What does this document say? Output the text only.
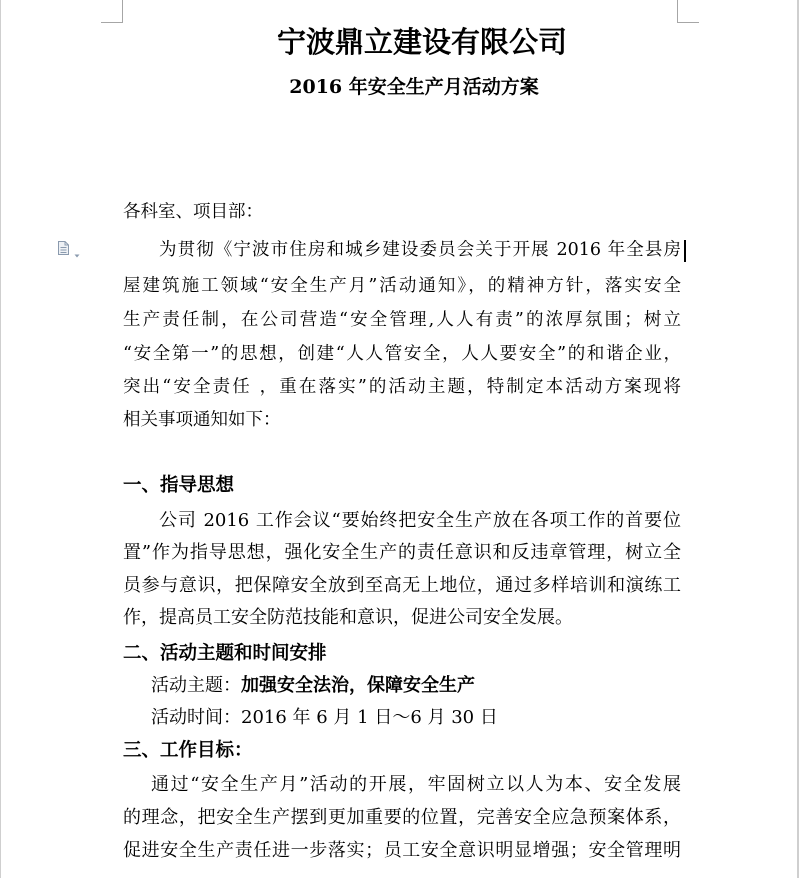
宁波鼎立建设有限公司
2016 年安全生产月活动方案
各科室、项目部：
为贯彻《宁波市住房和城乡建设委员会关于开展 2016 年全县房
屋建筑施工领域“安全生产月”活动通知》，的精神方针，落实安全
生产责任制，在公司营造“安全管理,人人有责”的浓厚氛围；树立
“安全第一”的思想，创建“人人管安全，人人要安全”的和谐企业，
突出“安全责任 ，重在落实”的活动主题，特制定本活动方案现将
相关事项通知如下：
一、指导思想
公司 2016 工作会议“要始终把安全生产放在各项工作的首要位
置”作为指导思想，强化安全生产的责任意识和反违章管理，树立全
员参与意识，把保障安全放到至高无上地位，通过多样培训和演练工
作，提高员工安全防范技能和意识，促进公司安全发展。
二、活动主题和时间安排
活动主题：加强安全法治，保障安全生产
活动时间：2016 年 6 月 1 日～6 月 30 日
三、工作目标：
通过“安全生产月”活动的开展，牢固树立以人为本、安全发展
的理念，把安全生产摆到更加重要的位置，完善安全应急预案体系，
促进安全生产责任进一步落实；员工安全意识明显增强；安全管理明
